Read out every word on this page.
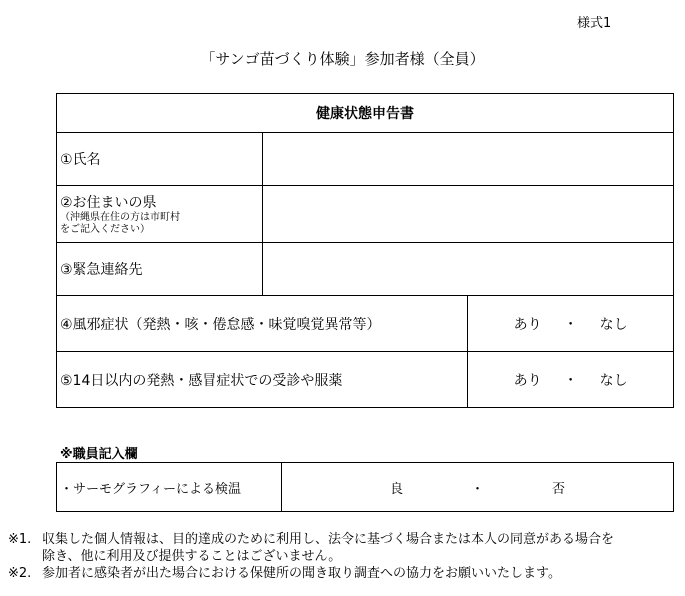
様式1
「サンゴ苗づくり体験」参加者様（全員）
健康状態申告書		
①氏名		
②お住まいの県
（沖縄県在住の方は市町村
をご記入ください）		

③緊急連絡先		
④風邪症状（発熱・咳・倦怠感・味覚嗅覚異常等）		あり ・ なし
⑤14日以内の発熱・感冒症状での受診や服薬		あり ・ なし
※職員記入欄
・サーモグラフィーによる検温	良	・	否
※1. 収集した個人情報は、目的達成のために利用し、法令に基づく場合または本人の同意がある場合を
除き、他に利用及び提供することはございません。
※2. 参加者に感染者が出た場合における保健所の聞き取り調査への協力をお願いいたします。
